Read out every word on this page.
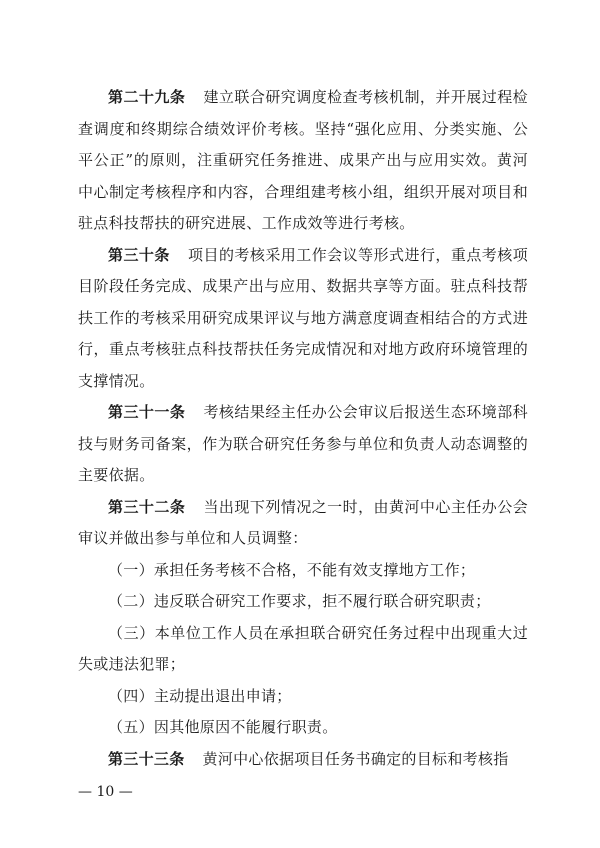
第二十九条 建立联合研究调度检查考核机制，并开展过程检查调度和终期综合绩效评价考核。坚持“强化应用、分类实施、公平公正”的原则，注重研究任务推进、成果产出与应用实效。黄河中心制定考核程序和内容，合理组建考核小组，组织开展对项目和驻点科技帮扶的研究进展、工作成效等进行考核。

第三十条 项目的考核采用工作会议等形式进行，重点考核项目阶段任务完成、成果产出与应用、数据共享等方面。驻点科技帮扶工作的考核采用研究成果评议与地方满意度调查相结合的方式进行，重点考核驻点科技帮扶任务完成情况和对地方政府环境管理的支撑情况。

第三十一条 考核结果经主任办公会审议后报送生态环境部科技与财务司备案，作为联合研究任务参与单位和负责人动态调整的主要依据。

第三十二条 当出现下列情况之一时，由黄河中心主任办公会审议并做出参与单位和人员调整：

（一）承担任务考核不合格，不能有效支撑地方工作；

（二）违反联合研究工作要求，拒不履行联合研究职责；

（三）本单位工作人员在承担联合研究任务过程中出现重大过失或违法犯罪；

（四）主动提出退出申请；

（五）因其他原因不能履行职责。

第三十三条 黄河中心依据项目任务书确定的目标和考核指

— 10 —
